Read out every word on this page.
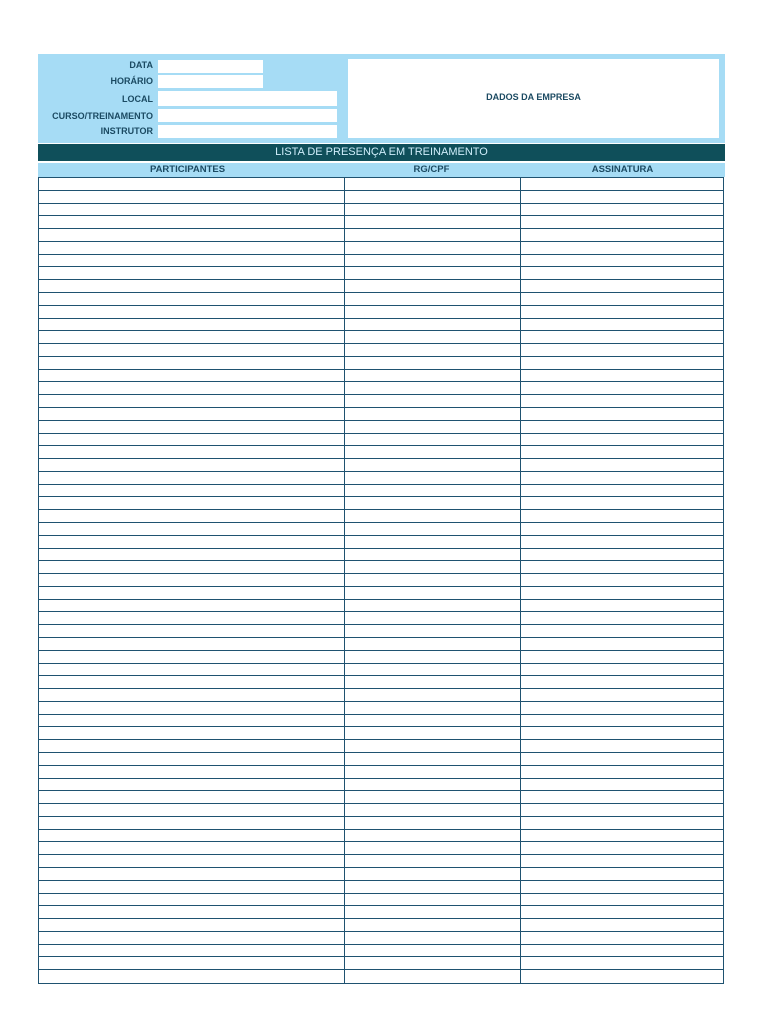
DATA
HORÁRIO
LOCAL
CURSO/TREINAMENTO
INSTRUTOR
DADOS DA EMPRESA
LISTA DE PRESENÇA EM TREINAMENTO
PARTICIPANTES	RG/CPF	ASSINATURA
